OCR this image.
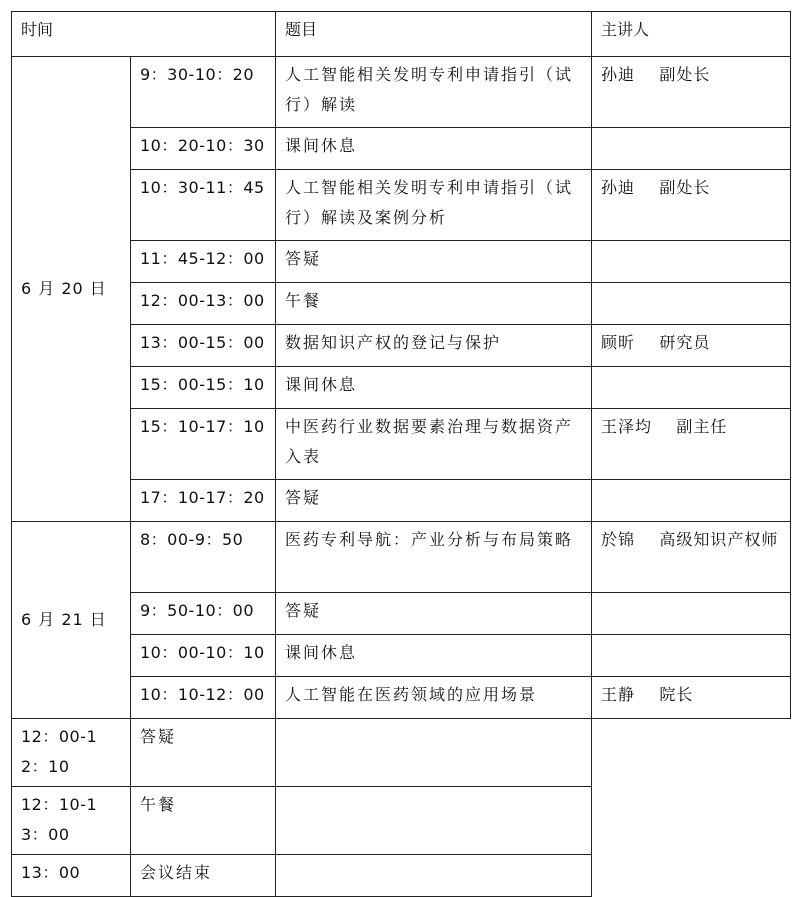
时间		题目	主讲人
6 月 20 日	9：30-10：20	人工智能相关发明专利申请指引（试行）解读	孙迪    副处长
	10：20-10：30	课间休息	
	10：30-11：45	人工智能相关发明专利申请指引（试行）解读及案例分析	孙迪    副处长
	11：45-12：00	答疑	
	12：00-13：00	午餐	
	13：00-15：00	数据知识产权的登记与保护	顾昕    研究员
	15：00-15：10	课间休息	
	15：10-17：10	中医药行业数据要素治理与数据资产入表	王泽均    副主任
	17：10-17：20	答疑	
6 月 21 日	8：00-9：50	医药专利导航：产业分析与布局策略	於锦    高级知识产权师
	9：50-10：00	答疑	
	10：00-10：10	课间休息	
	10：10-12：00	人工智能在医药领域的应用场景	王静    院长
12：00-12：10	答疑		
12：10-13：00	午餐		
13：00	会议结束		
